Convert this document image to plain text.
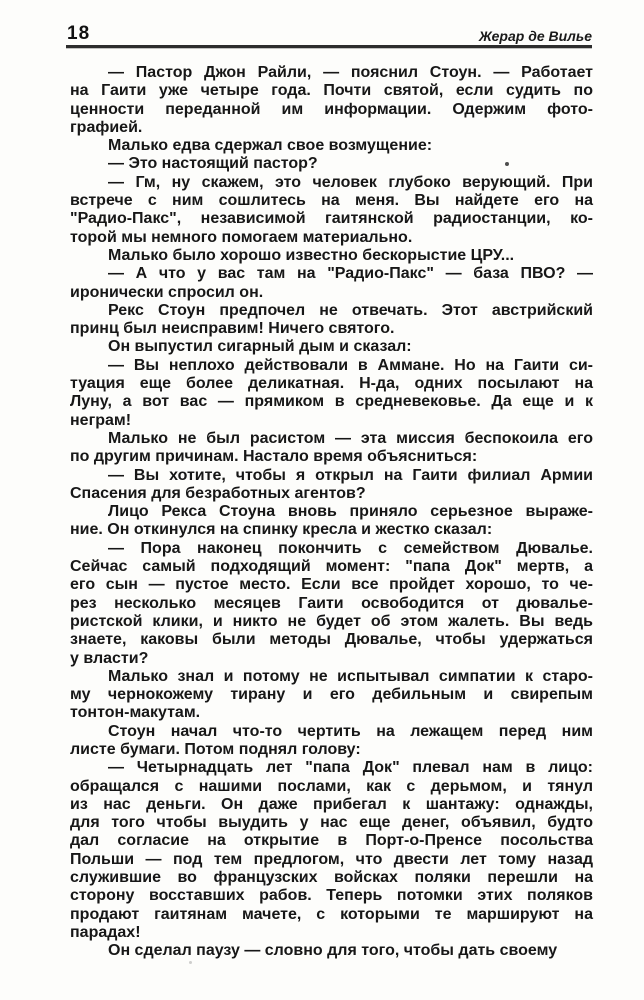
18	Жерар де Вилье
— Пастор Джон Райли, — пояснил Стоун. — Работает
на Гаити уже четыре года. Почти святой, если судить по
ценности переданной им информации. Одержим фото-
графией.
Малько едва сдержал свое возмущение:
— Это настоящий пастор?
— Гм, ну скажем, это человек глубоко верующий. При
встрече с ним сошлитесь на меня. Вы найдете его на
"Радио-Пакс", независимой гаитянской радиостанции, ко-
торой мы немного помогаем материально.
Малько было хорошо известно бескорыстие ЦРУ...
— А что у вас там на "Радио-Пакс" — база ПВО? —
иронически спросил он.
Рекс Стоун предпочел не отвечать. Этот австрийский
принц был неисправим! Ничего святого.
Он выпустил сигарный дым и сказал:
— Вы неплохо действовали в Аммане. Но на Гаити си-
туация еще более деликатная. Н-да, одних посылают на
Луну, а вот вас — прямиком в средневековье. Да еще и к
неграм!
Малько не был расистом — эта миссия беспокоила его
по другим причинам. Настало время объясниться:
— Вы хотите, чтобы я открыл на Гаити филиал Армии
Спасения для безработных агентов?
Лицо Рекса Стоуна вновь приняло серьезное выраже-
ние. Он откинулся на спинку кресла и жестко сказал:
— Пора наконец покончить с семейством Дювалье.
Сейчас самый подходящий момент: "папа Док" мертв, а
его сын — пустое место. Если все пройдет хорошо, то че-
рез несколько месяцев Гаити освободится от дювалье-
ристской клики, и никто не будет об этом жалеть. Вы ведь
знаете, каковы были методы Дювалье, чтобы удержаться
у власти?
Малько знал и потому не испытывал симпатии к старо-
му чернокожему тирану и его дебильным и свирепым
тонтон-макутам.
Стоун начал что-то чертить на лежащем перед ним
листе бумаги. Потом поднял голову:
— Четырнадцать лет "папа Док" плевал нам в лицо:
обращался с нашими послами, как с дерьмом, и тянул
из нас деньги. Он даже прибегал к шантажу: однажды,
для того чтобы выудить у нас еще денег, объявил, будто
дал согласие на открытие в Порт-о-Пренсе посольства
Польши — под тем предлогом, что двести лет тому назад
служившие во французских войсках поляки перешли на
сторону восставших рабов. Теперь потомки этих поляков
продают гаитянам мачете, с которыми те маршируют на
парадах!
Он сделал паузу — словно для того, чтобы дать своему
